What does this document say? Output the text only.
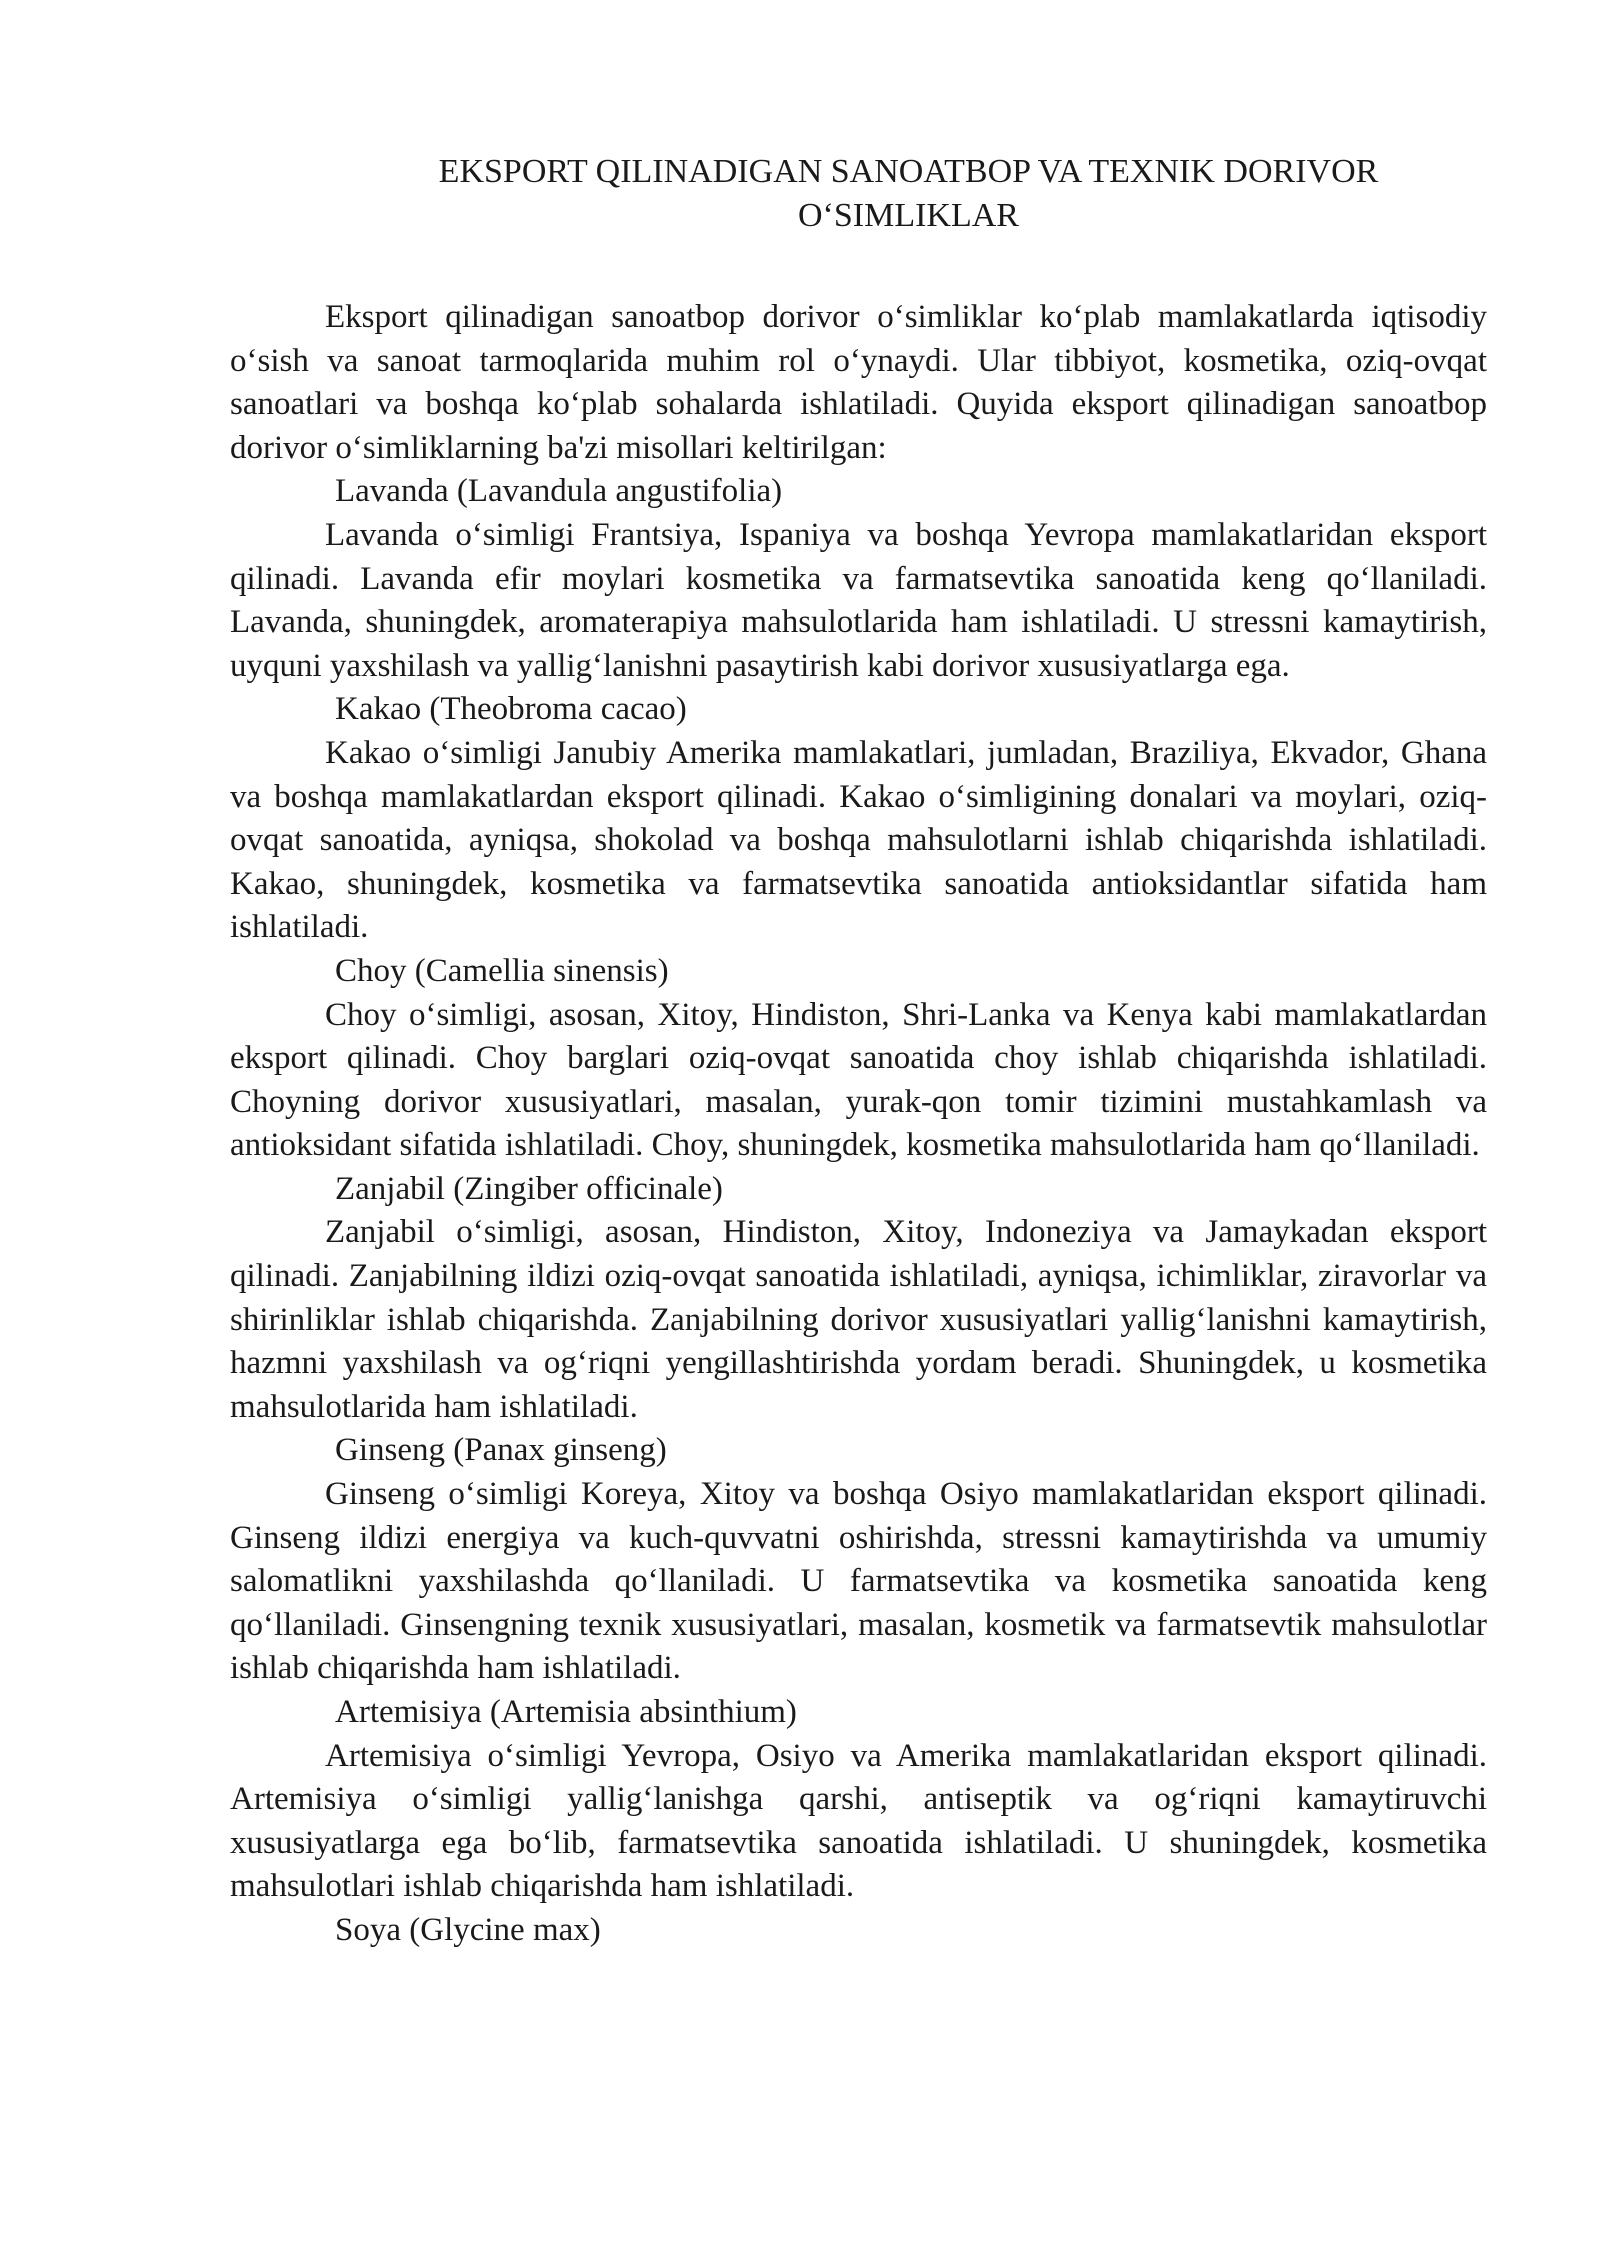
EKSPORT QILINADIGAN SANOATBOP VA TEXNIK DORIVOR
O‘SIMLIKLAR

Eksport qilinadigan sanoatbop dorivor o‘simliklar ko‘plab mamlakatlarda iqtisodiy o‘sish va sanoat tarmoqlarida muhim rol o‘ynaydi. Ular tibbiyot, kosmetika, oziq-ovqat sanoatlari va boshqa ko‘plab sohalarda ishlatiladi. Quyida eksport qilinadigan sanoatbop dorivor o‘simliklarning ba'zi misollari keltirilgan:

Lavanda (Lavandula angustifolia)

Lavanda o‘simligi Frantsiya, Ispaniya va boshqa Yevropa mamlakatlaridan eksport qilinadi. Lavanda efir moylari kosmetika va farmatsevtika sanoatida keng qo‘llaniladi. Lavanda, shuningdek, aromaterapiya mahsulotlarida ham ishlatiladi. U stressni kamaytirish, uyquni yaxshilash va yallig‘lanishni pasaytirish kabi dorivor xususiyatlarga ega.

Kakao (Theobroma cacao)

Kakao o‘simligi Janubiy Amerika mamlakatlari, jumladan, Braziliya, Ekvador, Ghana va boshqa mamlakatlardan eksport qilinadi. Kakao o‘simligining donalari va moylari, oziq-ovqat sanoatida, ayniqsa, shokolad va boshqa mahsulotlarni ishlab chiqarishda ishlatiladi. Kakao, shuningdek, kosmetika va farmatsevtika sanoatida antioksidantlar sifatida ham ishlatiladi.

Choy (Camellia sinensis)

Choy o‘simligi, asosan, Xitoy, Hindiston, Shri-Lanka va Kenya kabi mamlakatlardan eksport qilinadi. Choy barglari oziq-ovqat sanoatida choy ishlab chiqarishda ishlatiladi. Choyning dorivor xususiyatlari, masalan, yurak-qon tomir tizimini mustahkamlash va antioksidant sifatida ishlatiladi. Choy, shuningdek, kosmetika mahsulotlarida ham qo‘llaniladi.

Zanjabil (Zingiber officinale)

Zanjabil o‘simligi, asosan, Hindiston, Xitoy, Indoneziya va Jamaykadan eksport qilinadi. Zanjabilning ildizi oziq-ovqat sanoatida ishlatiladi, ayniqsa, ichimliklar, ziravorlar va shirinliklar ishlab chiqarishda. Zanjabilning dorivor xususiyatlari yallig‘lanishni kamaytirish, hazmni yaxshilash va og‘riqni yengillashtirishda yordam beradi. Shuningdek, u kosmetika mahsulotlarida ham ishlatiladi.

Ginseng (Panax ginseng)

Ginseng o‘simligi Koreya, Xitoy va boshqa Osiyo mamlakatlaridan eksport qilinadi. Ginseng ildizi energiya va kuch-quvvatni oshirishda, stressni kamaytirishda va umumiy salomatlikni yaxshilashda qo‘llaniladi. U farmatsevtika va kosmetika sanoatida keng qo‘llaniladi. Ginsengning texnik xususiyatlari, masalan, kosmetik va farmatsevtik mahsulotlar ishlab chiqarishda ham ishlatiladi.

Artemisiya (Artemisia absinthium)

Artemisiya o‘simligi Yevropa, Osiyo va Amerika mamlakatlaridan eksport qilinadi. Artemisiya o‘simligi yallig‘lanishga qarshi, antiseptik va og‘riqni kamaytiruvchi xususiyatlarga ega bo‘lib, farmatsevtika sanoatida ishlatiladi. U shuningdek, kosmetika mahsulotlari ishlab chiqarishda ham ishlatiladi.

Soya (Glycine max)
